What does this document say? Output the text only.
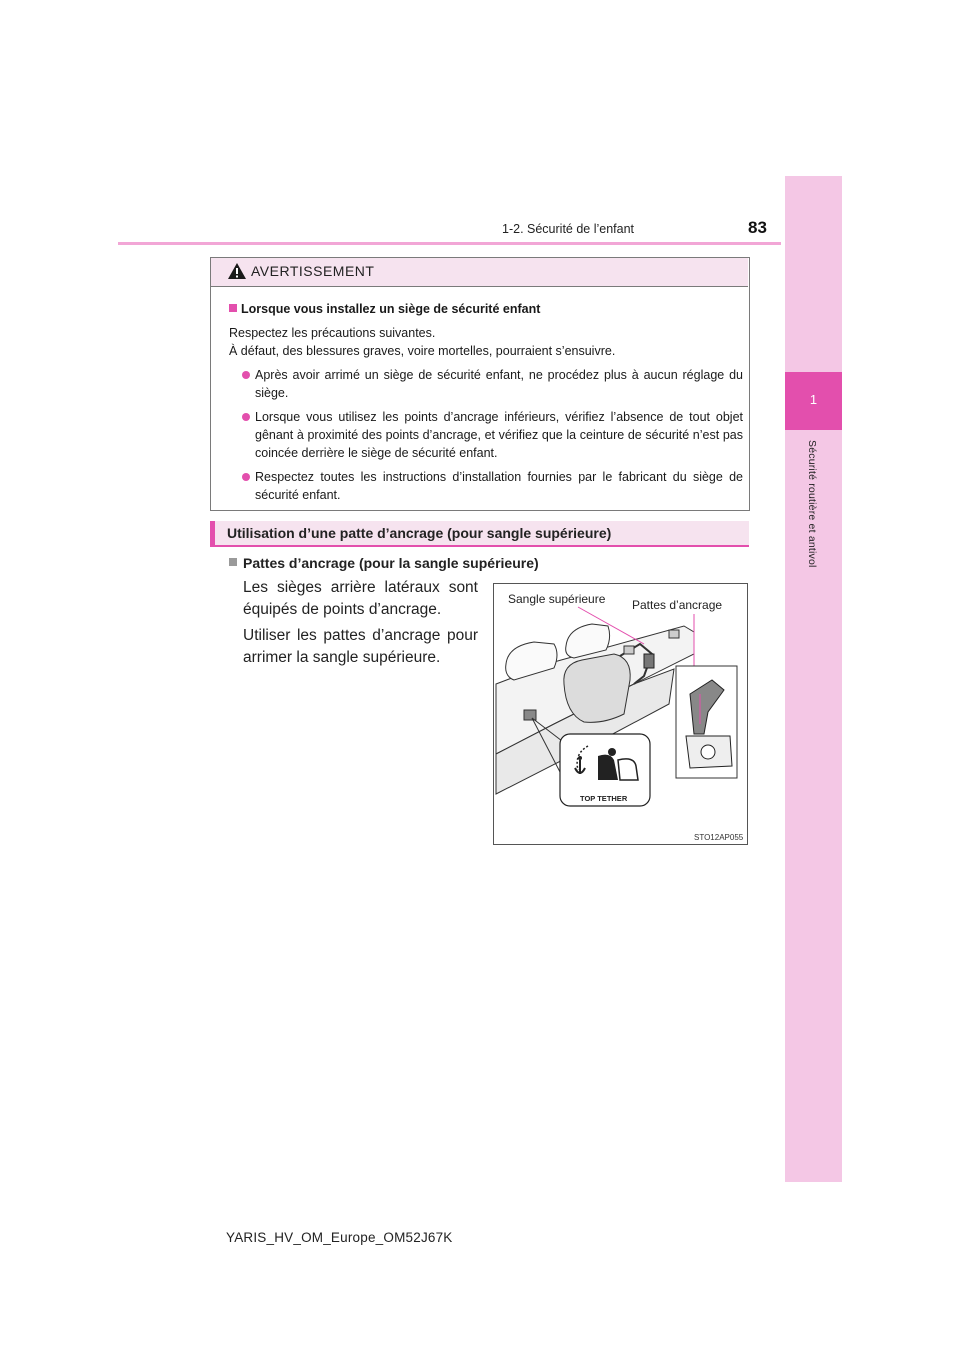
1
Sécurité routière et antivol
1-2. Sécurité de l’enfant	83
AVERTISSEMENT

Lorsque vous installez un siège de sécurité enfant

Respectez les précautions suivantes.

À défaut, des blessures graves, voire mortelles, pourraient s’ensuivre.

Après avoir arrimé un siège de sécurité enfant, ne procédez plus à aucun réglage du siège.

Lorsque vous utilisez les points d’ancrage inférieurs, vérifiez l’absence de tout objet gênant à proximité des points d’ancrage, et vérifiez que la ceinture de sécurité n’est pas coincée derrière le siège de sécurité enfant.

Respectez toutes les instructions d’installation fournies par le fabricant du siège de sécurité enfant.

Utilisation d’une patte d’ancrage (pour sangle supérieure)
Pattes d’ancrage (pour la sangle supérieure)
Les sièges arrière latéraux sont équipés de points d’ancrage.
Utiliser les pattes d’ancrage pour arrimer la sangle supérieure.
Sangle supérieure Pattes d’ancrage
TOP TETHER
STO12AP055
YARIS_HV_OM_Europe_OM52J67K
